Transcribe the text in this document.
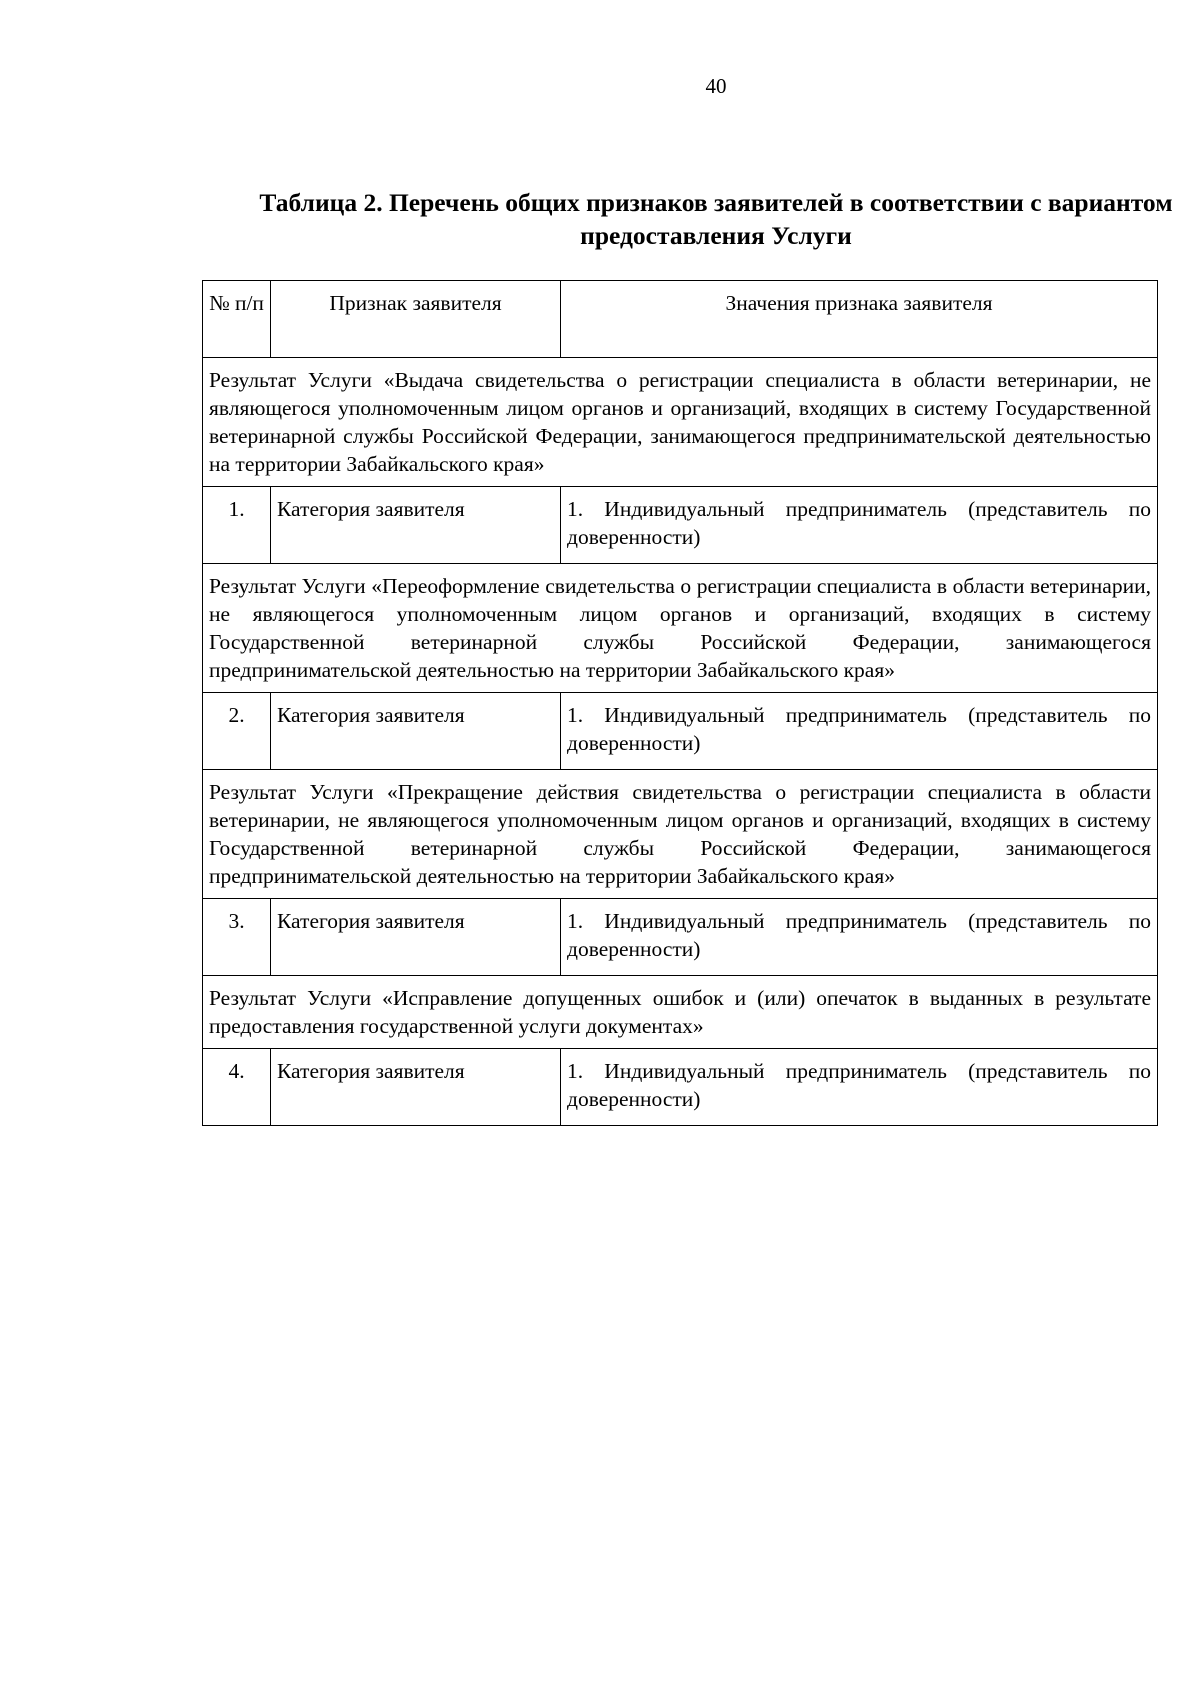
40
Таблица 2. Перечень общих признаков заявителей в соответствии с вариантом предоставления Услуги
№ п/п	Признак заявителя	Значения признака заявителя
Результат Услуги «Выдача свидетельства о регистрации специалиста в области ветеринарии, не являющегося уполномоченным лицом органов и организаций, входящих в систему Государственной ветеринарной службы Российской Федерации, занимающегося предпринимательской деятельностью на территории Забайкальского края»		
1.	Категория заявителя	1. Индивидуальный предприниматель (представитель по доверенности)
Результат Услуги «Переоформление свидетельства о регистрации специалиста в области ветеринарии, не являющегося уполномоченным лицом органов и организаций, входящих в систему Государственной ветеринарной службы Российской Федерации, занимающегося предпринимательской деятельностью на территории Забайкальского края»		
2.	Категория заявителя	1. Индивидуальный предприниматель (представитель по доверенности)
Результат Услуги «Прекращение действия свидетельства о регистрации специалиста в области ветеринарии, не являющегося уполномоченным лицом органов и организаций, входящих в систему Государственной ветеринарной службы Российской Федерации, занимающегося предпринимательской деятельностью на территории Забайкальского края»		
3.	Категория заявителя	1. Индивидуальный предприниматель (представитель по доверенности)
Результат Услуги «Исправление допущенных ошибок и (или) опечаток в выданных в результате предоставления государственной услуги документах»		
4.	Категория заявителя	1. Индивидуальный предприниматель (представитель по доверенности)
